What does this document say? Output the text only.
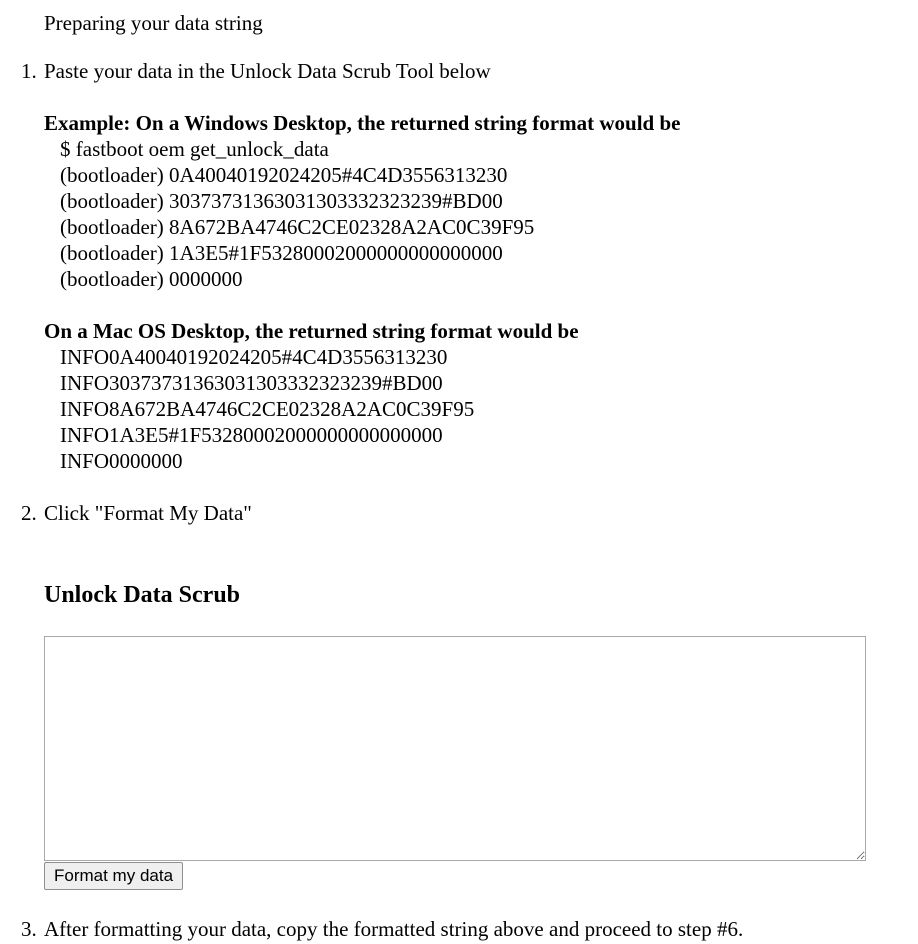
Preparing your data string

1. Paste your data in the Unlock Data Scrub Tool below

Example: On a Windows Desktop, the returned string format would be

$ fastboot oem get_unlock_data
(bootloader) 0A40040192024205#4C4D3556313230
(bootloader) 30373731363031303332323239#BD00
(bootloader) 8A672BA4746C2CE02328A2AC0C39F95
(bootloader) 1A3E5#1F53280002000000000000000
(bootloader) 0000000

On a Mac OS Desktop, the returned string format would be

INFO0A40040192024205#4C4D3556313230
INFO30373731363031303332323239#BD00
INFO8A672BA4746C2CE02328A2AC0C39F95
INFO1A3E5#1F53280002000000000000000
INFO0000000
2. Click "Format My Data"

Unlock Data Scrub
Format my data
3. After formatting your data, copy the formatted string above and proceed to step #6.
